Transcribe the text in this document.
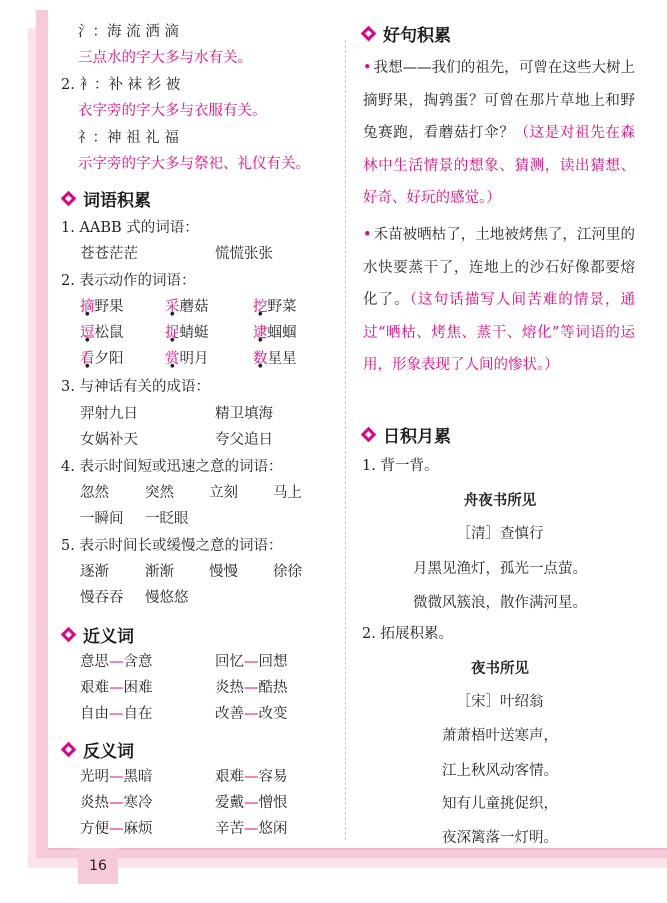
氵：海 流 洒 滴
三点水的字大多与水有关。
2. 衤：补 袜 衫 被
衣字旁的字大多与衣服有关。
礻：神 祖 礼 福
示字旁的字大多与祭祀、礼仪有关。
词语积累
1. AABB 式的词语：
苍苍茫茫	慌慌张张
2. 表示动作的词语：
摘 ●野果	采 ●蘑菇	挖 ●野菜
逗 ●松鼠	捉 ●蜻蜓	逮 ●蝈蝈
看 ●夕阳	赏 ●明月	数 ●星星
3. 与神话有关的成语：
羿射九日	精卫填海
女娲补天	夸父追日
4. 表示时间短或迅速之意的词语：
忽然 突然 立刻 马上
一瞬间 一眨眼
5. 表示时间长或缓慢之意的词语：
逐渐 渐渐 慢慢 徐徐
慢吞吞 慢悠悠
近义词
意思—含意	回忆—回想
艰难—困难	炎热—酷热
自由—自在	改善—改变
反义词
光明—黑暗	艰难—容易
炎热—寒冷	爱戴—憎恨
方便—麻烦	辛苦—悠闲
好句积累
• 我想——我们的祖先，可曾在这些大树上摘野果，掏鹑蛋？可曾在那片草地上和野兔赛跑，看蘑菇打伞？（这是对祖先在森林中生活情景的想象、猜测，读出猜想、好奇、好玩的感觉。）
• 禾苗被晒枯了，土地被烤焦了，江河里的水快要蒸干了，连地上的沙石好像都要熔化了。（这句话描写人间苦难的情景，通过“晒枯、烤焦、蒸干、熔化”等词语的运用，形象表现了人间的惨状。）
日积月累
1. 背一背。
舟夜书所见
［清］查慎行
月黑见渔灯，孤光一点萤。
微微风簇浪，散作满河星。
2. 拓展积累。
夜书所见
［宋］叶绍翁
萧萧梧叶送寒声，
江上秋风动客情。
知有儿童挑促织，
夜深篱落一灯明。
16
